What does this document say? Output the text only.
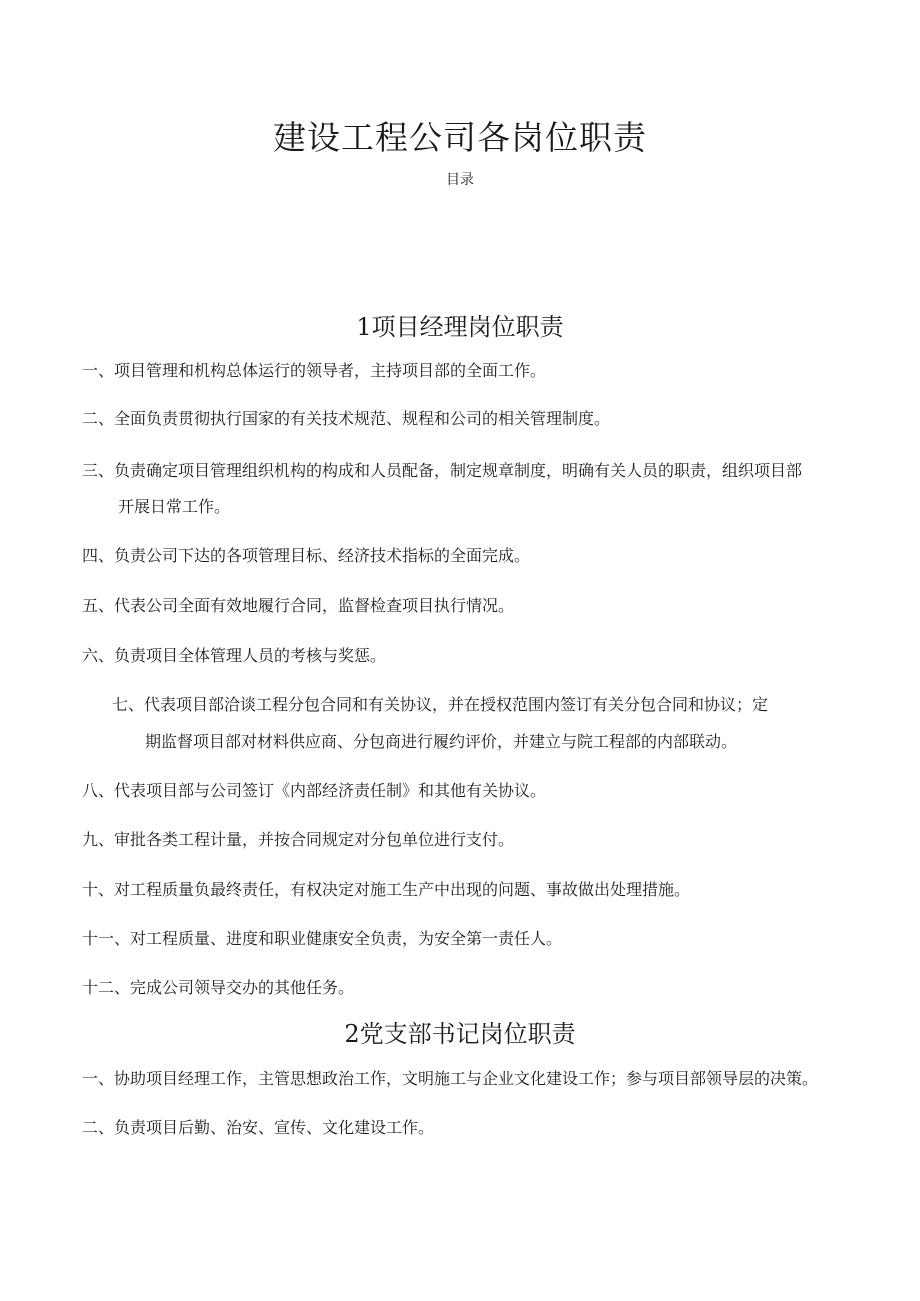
建设工程公司各岗位职责

目录

1项目经理岗位职责

一、项目管理和机构总体运行的领导者，主持项目部的全面工作。

二、全面负责贯彻执行国家的有关技术规范、规程和公司的相关管理制度。

三、负责确定项目管理组织机构的构成和人员配备，制定规章制度，明确有关人员的职责，组织项目部

开展日常工作。

四、负责公司下达的各项管理目标、经济技术指标的全面完成。

五、代表公司全面有效地履行合同，监督检查项目执行情况。

六、负责项目全体管理人员的考核与奖惩。

七、代表项目部洽谈工程分包合同和有关协议，并在授权范围内签订有关分包合同和协议；定

期监督项目部对材料供应商、分包商进行履约评价，并建立与院工程部的内部联动。

八、代表项目部与公司签订《内部经济责任制》和其他有关协议。

九、审批各类工程计量，并按合同规定对分包单位进行支付。

十、对工程质量负最终责任，有权决定对施工生产中出现的问题、事故做出处理措施。

十一、对工程质量、进度和职业健康安全负责，为安全第一责任人。

十二、完成公司领导交办的其他任务。

2党支部书记岗位职责

一、协助项目经理工作，主管思想政治工作，文明施工与企业文化建设工作；参与项目部领导层的决策。

二、负责项目后勤、治安、宣传、文化建设工作。
